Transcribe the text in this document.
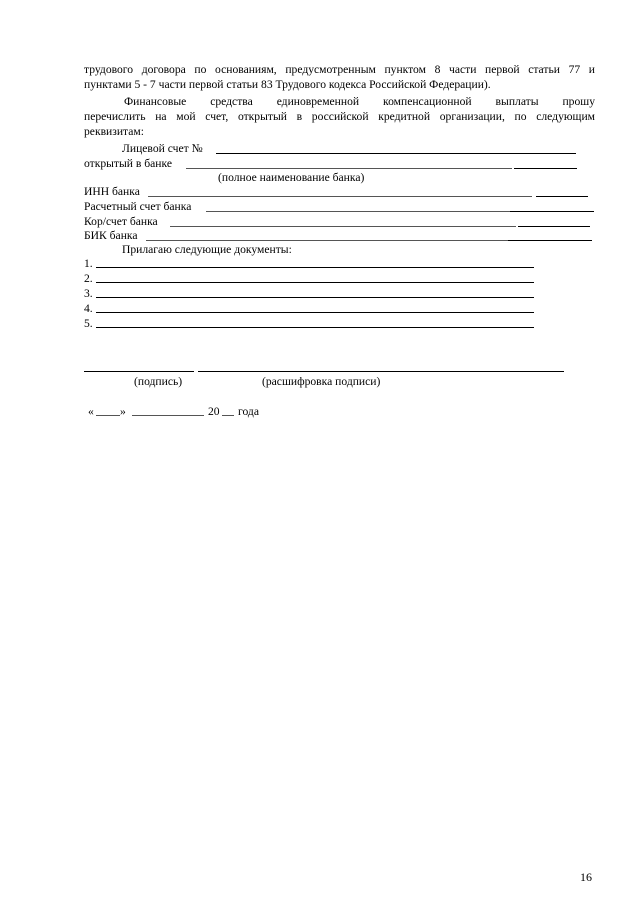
трудового договора по основаниям, предусмотренным пунктом 8 части первой статьи 77 и
пунктами 5 - 7 части первой статьи 83 Трудового кодекса Российской Федерации).
Финансовые средства единовременной компенсационной выплаты прошу
перечислить на мой счет, открытый в российской кредитной организации, по следующим
реквизитам:
Лицевой счет №
открытый в банке
(полное наименование банка)
ИНН банка
Расчетный счет банка
Кор/счет банка
БИК банка
Прилагаю следующие документы:
1.
2.
3.
4.
5.
(подпись)	(расшифровка подписи)
« »	20 года
16
